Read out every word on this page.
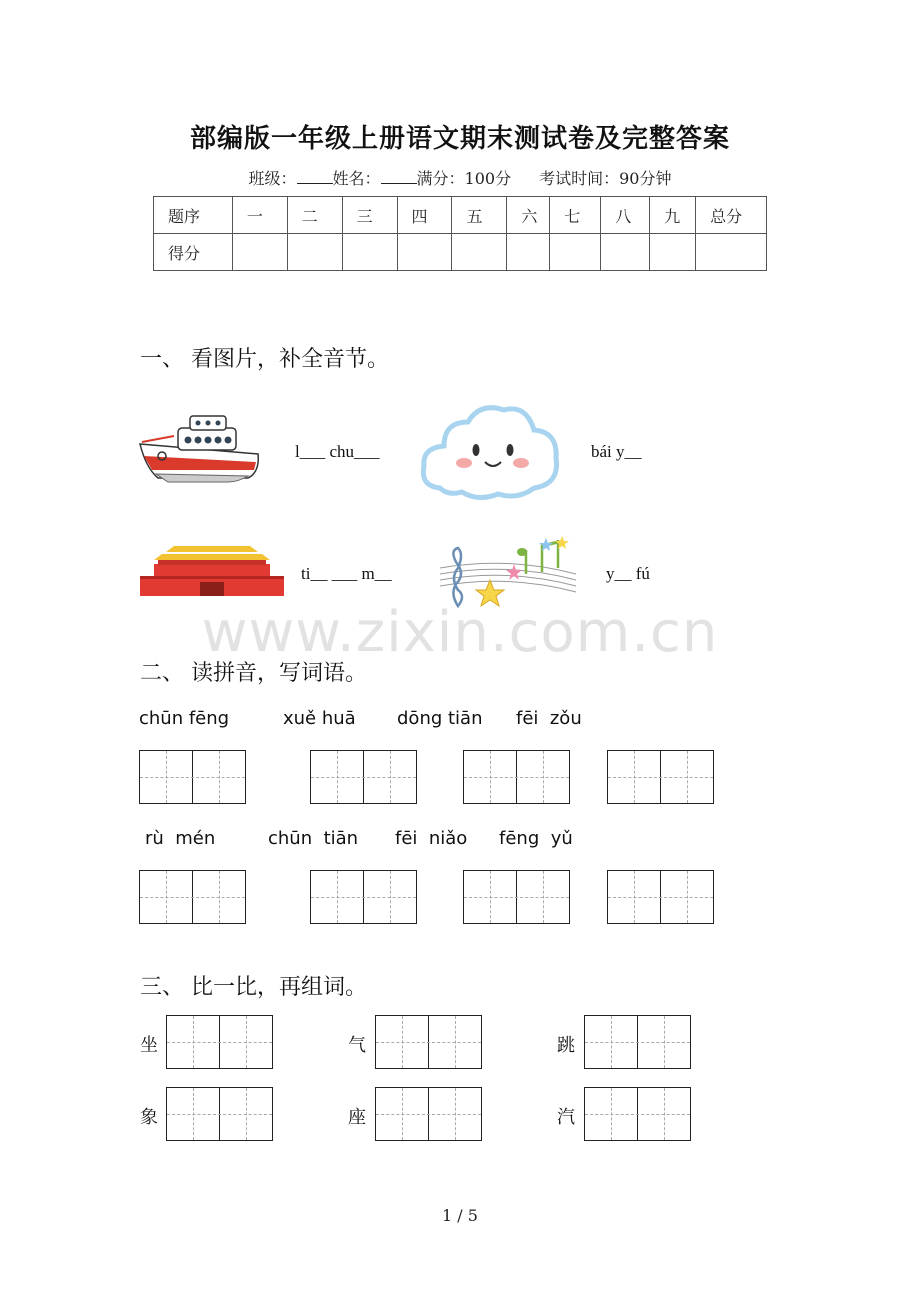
部编版一年级上册语文期末测试卷及完整答案
班级： 姓名： 满分：100分 考试时间：90分钟
题序	一	二	三	四	五	六	七	八	九	总分
得分										
一、 看图片，补全音节。
l___ chu___	bái y__
ti__ ___ m__	y__ fú
www.zixin.com.cn
二、 读拼音，写词语。
chūn fēng	xuě huā dōng tiān fēi  zǒu
rù  mén	chūn  tiān fēi  niǎo fēng  yǔ
三、 比一比，再组词。
坐	气	跳
象	座	汽
1 / 5
